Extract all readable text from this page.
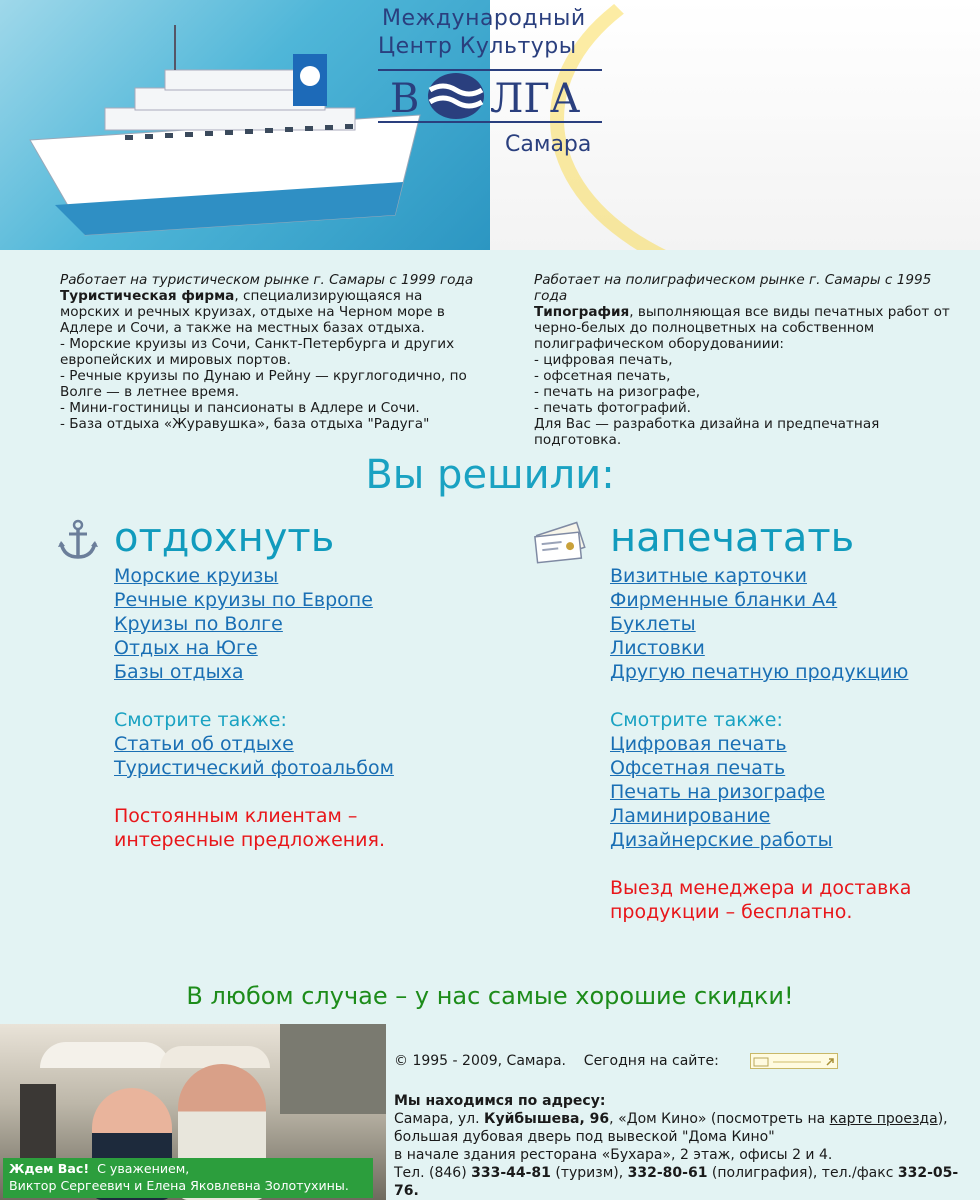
Международный
Центр Культуры
В ЛГА
Самара
Работает на туристическом рынке г. Самары с 1999 года
Туристическая фирма, специализирующаяся на морских и речных круизах, отдыхе на Черном море в Адлере и Сочи, а также на местных базах отдыха.
- Морские круизы из Сочи, Санкт-Петербурга и других европейских и мировых портов.
- Речные круизы по Дунаю и Рейну — круглогодично, по Волге — в летнее время.
- Мини-гостиницы и пансионаты в Адлере и Сочи.
- База отдыха «Журавушка», база отдыха "Радуга"
Работает на полиграфическом рынке г. Самары с 1995 года
Типография, выполняющая все виды печатных работ от черно-белых до полноцветных на собственном полиграфическом оборудованиии:
- цифровая печать,
- офсетная печать,
- печать на ризографе,
- печать фотографий.
Для Вас — разработка дизайна и предпечатная подготовка.
Вы решили:
отдохнуть
Морские круизы
Речные круизы по Европе
Круизы по Волге
Отдых на Юге
Базы отдыха
Смотрите также:
Статьи об отдыхе
Туристический фотоальбом
Постоянным клиентам –
интересные предложения.
напечатать
Визитные карточки
Фирменные бланки А4
Буклеты
Листовки
Другую печатную продукцию
Смотрите также:
Цифровая печать
Офсетная печать
Печать на ризографе
Ламинирование
Дизайнерские работы
Выезд менеджера и доставка
продукции – бесплатно.
В любом случае – у нас самые хорошие скидки!
Ждем Вас! С уважением,
Виктор Сергеевич и Елена Яковлевна Золотухины.
© 1995 - 2009, Самара. Сегодня на сайте:
Мы находимся по адресу:
Самара, ул. Куйбышева, 96, «Дом Кино» (посмотреть на карте проезда),
большая дубовая дверь под вывеской "Дома Кино"
в начале здания ресторана «Бухара», 2 этаж, офисы 2 и 4.
Тел. (846) 333-44-81 (туризм), 332-80-61 (полиграфия), тел./факс 332-05-76.
